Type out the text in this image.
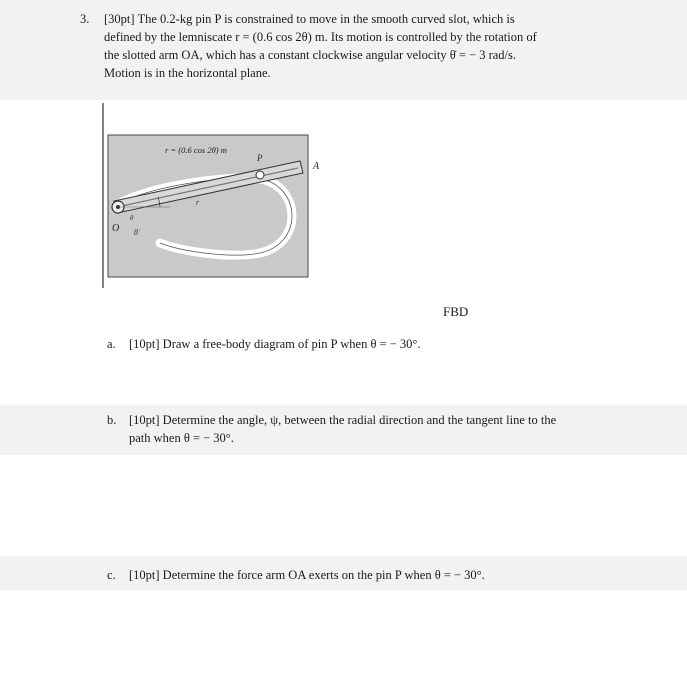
3. [30pt] The 0.2-kg pin P is constrained to move in the smooth curved slot, which is
defined by the lemniscate r = (0.6 cos 2θ) m. Its motion is controlled by the rotation of
the slotted arm OA, which has a constant clockwise angular velocity θ̇ = − 3 rad/s.
Motion is in the horizontal plane.
r = (0.6 cos 2θ) m
P
A
O
r
θ
θ̇
FBD
a. [10pt] Draw a free-body diagram of pin P when θ = − 30°.
b. [10pt] Determine the angle, ψ, between the radial direction and the tangent line to the
path when θ = − 30°.
c. [10pt] Determine the force arm OA exerts on the pin P when θ = − 30°.
